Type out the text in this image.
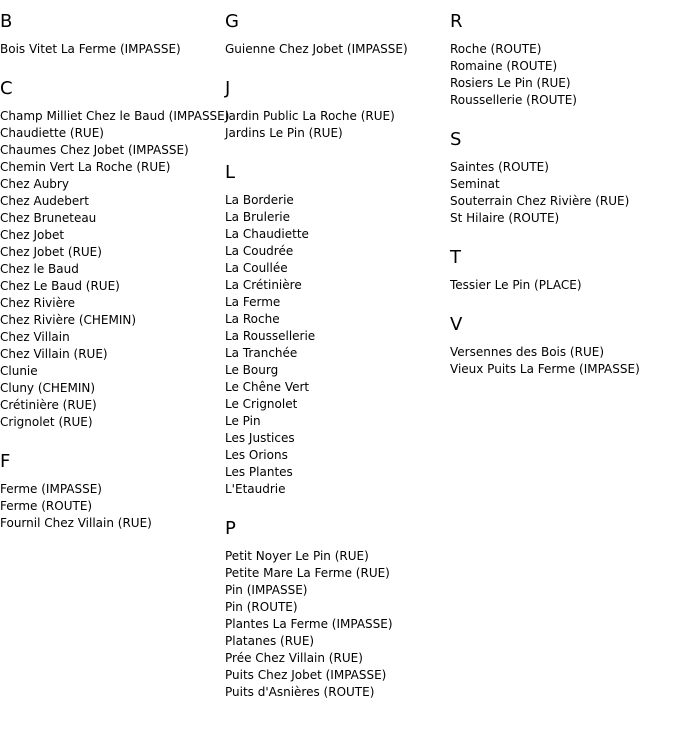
B
Bois Vitet La Ferme (IMPASSE)
C
Champ Milliet Chez le Baud (IMPASSE)
Chaudiette (RUE)
Chaumes Chez Jobet (IMPASSE)
Chemin Vert La Roche (RUE)
Chez Aubry
Chez Audebert
Chez Bruneteau
Chez Jobet
Chez Jobet (RUE)
Chez le Baud
Chez Le Baud (RUE)
Chez Rivière
Chez Rivière (CHEMIN)
Chez Villain
Chez Villain (RUE)
Clunie
Cluny (CHEMIN)
Crétinière (RUE)
Crignolet (RUE)
F
Ferme (IMPASSE)
Ferme (ROUTE)
Fournil Chez Villain (RUE)
G
Guienne Chez Jobet (IMPASSE)
J
Jardin Public La Roche (RUE)
Jardins Le Pin (RUE)
L
La Borderie
La Brulerie
La Chaudiette
La Coudrée
La Coullée
La Crétinière
La Ferme
La Roche
La Roussellerie
La Tranchée
Le Bourg
Le Chêne Vert
Le Crignolet
Le Pin
Les Justices
Les Orions
Les Plantes
L'Etaudrie
P
Petit Noyer Le Pin (RUE)
Petite Mare La Ferme (RUE)
Pin (IMPASSE)
Pin (ROUTE)
Plantes La Ferme (IMPASSE)
Platanes (RUE)
Prée Chez Villain (RUE)
Puits Chez Jobet (IMPASSE)
Puits d'Asnières (ROUTE)
R
Roche (ROUTE)
Romaine (ROUTE)
Rosiers Le Pin (RUE)
Roussellerie (ROUTE)
S
Saintes (ROUTE)
Seminat
Souterrain Chez Rivière (RUE)
St Hilaire (ROUTE)
T
Tessier Le Pin (PLACE)
V
Versennes des Bois (RUE)
Vieux Puits La Ferme (IMPASSE)
